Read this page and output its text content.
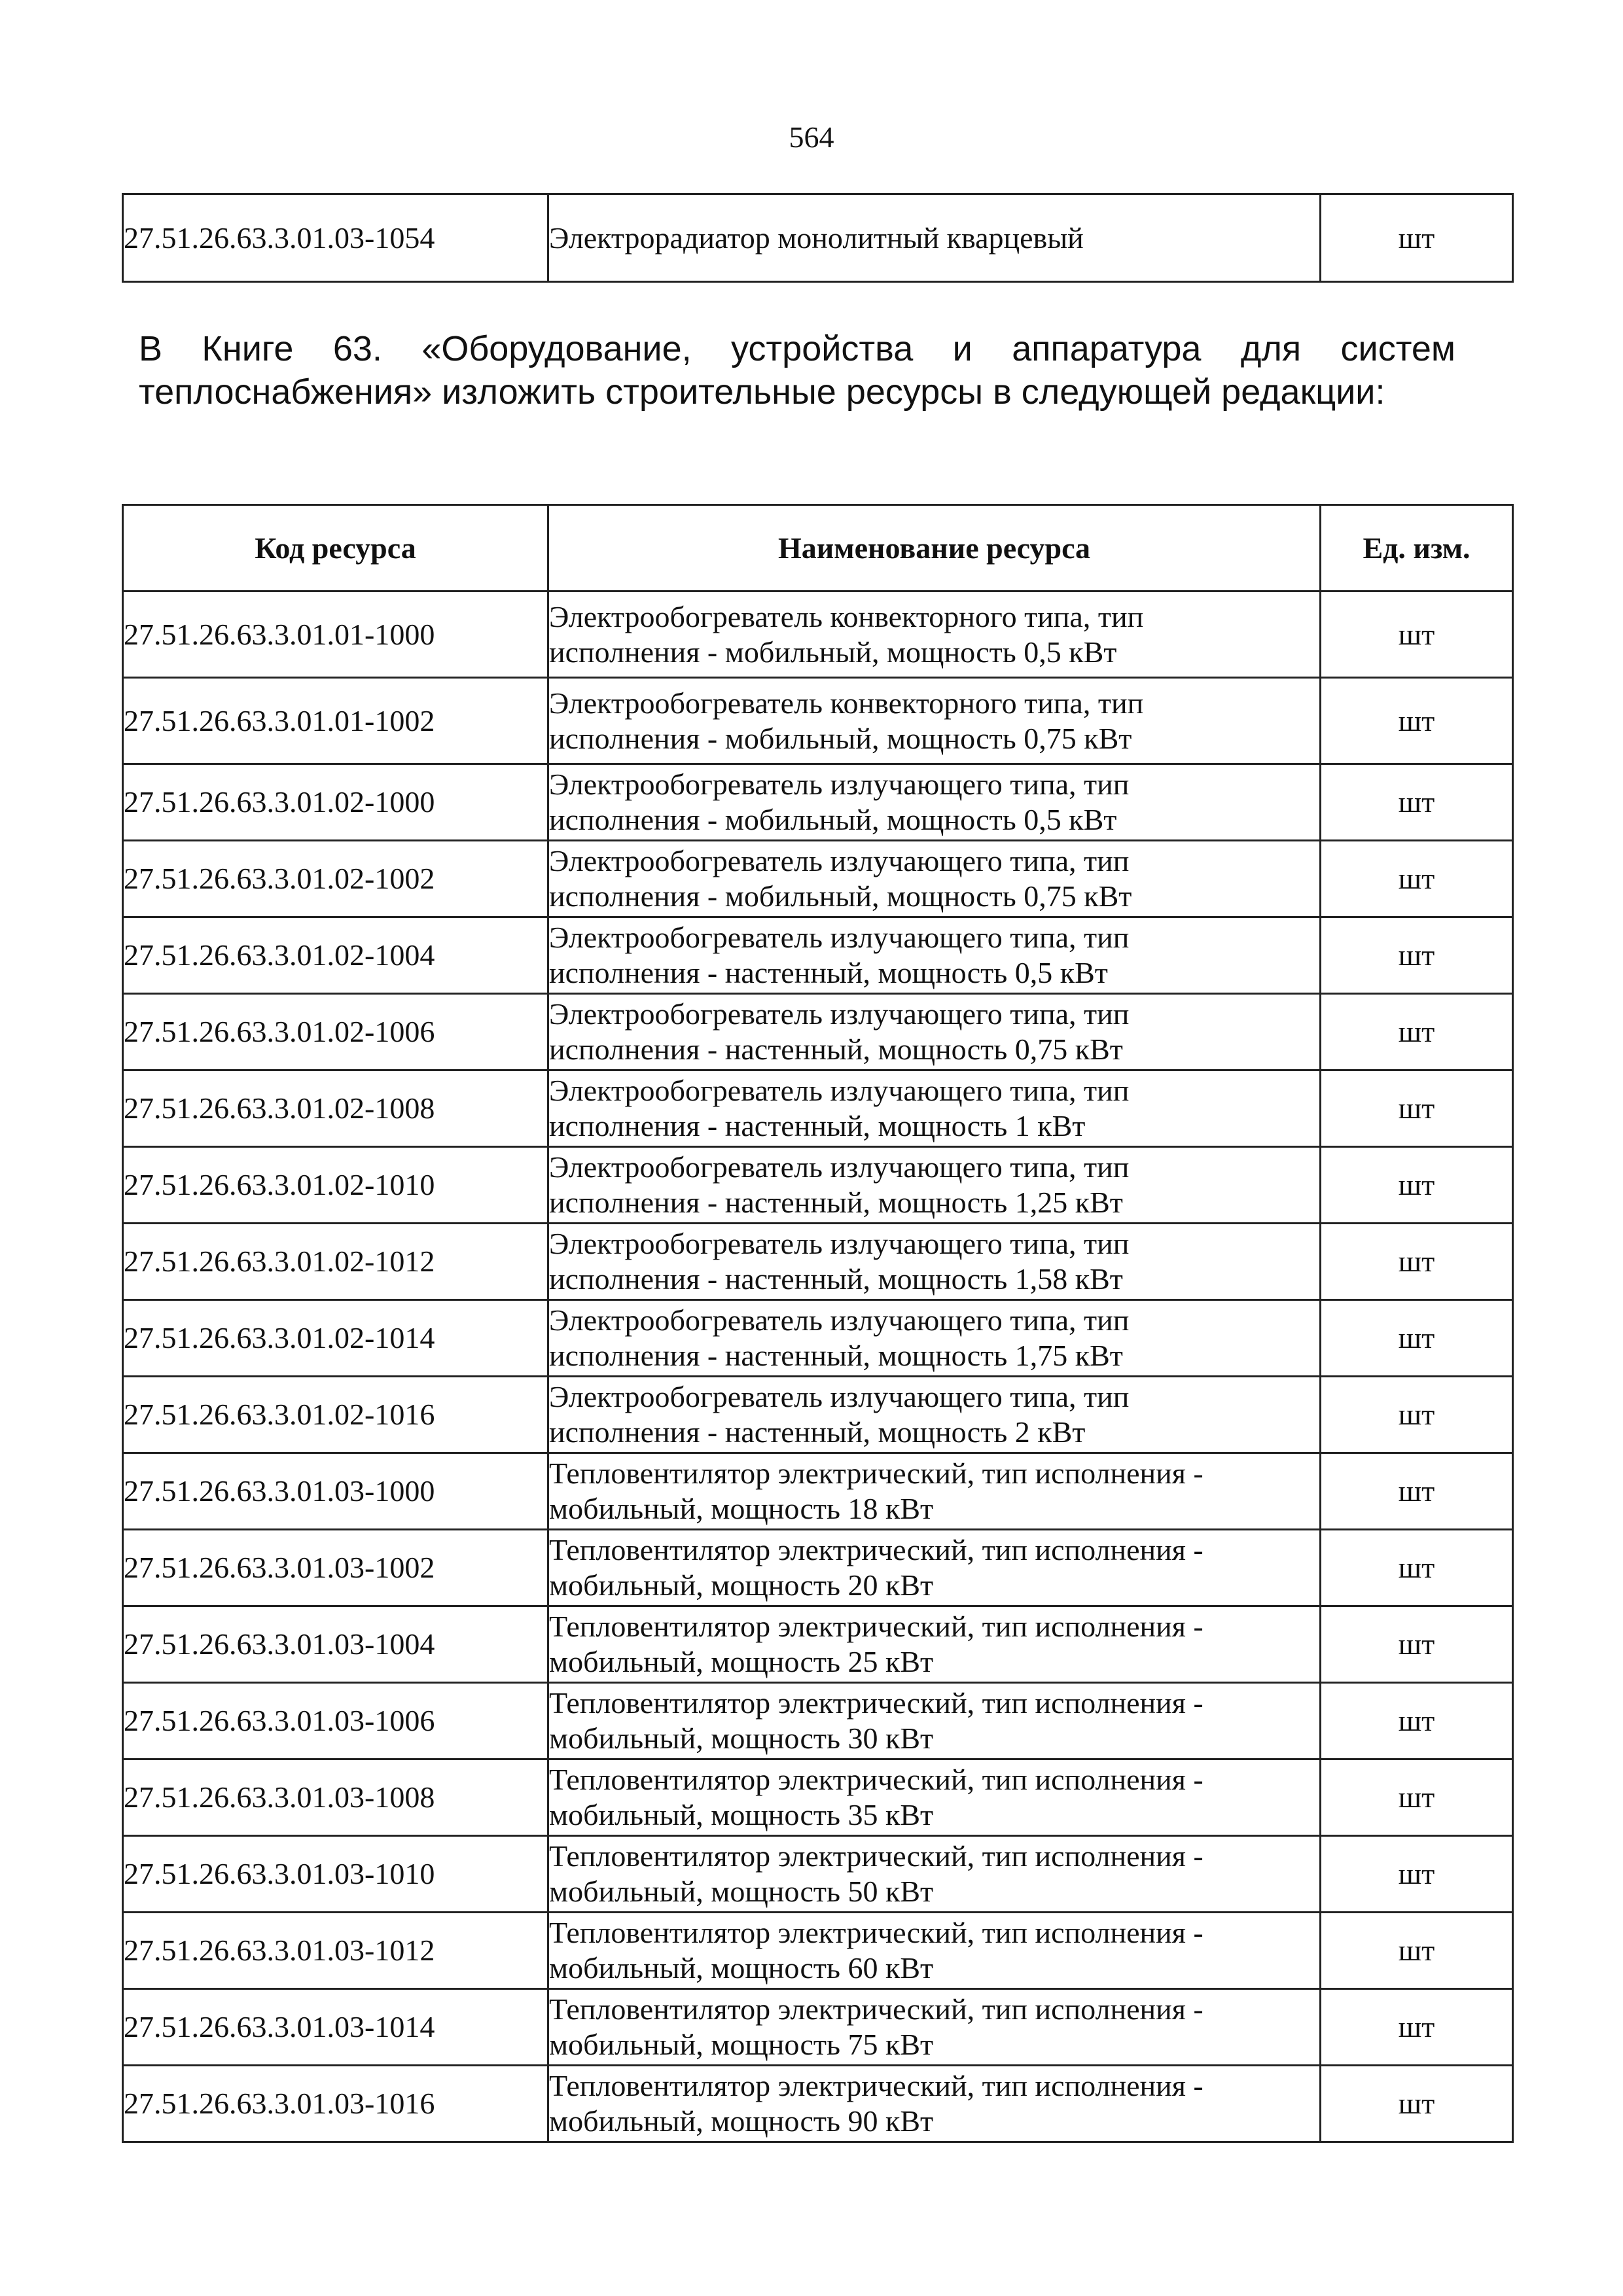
564
27.51.26.63.3.01.03-1054	Электрорадиатор монолитный кварцевый	шт
В Книге 63. «Оборудование, устройства и аппаратура для систем
теплоснабжения» изложить строительные ресурсы в следующей редакции:
Код ресурса	Наименование ресурса	Ед. изм.
27.51.26.63.3.01.01-1000	Электрообогреватель конвекторного типа, тип
исполнения - мобильный, мощность 0,5 кВт	шт
27.51.26.63.3.01.01-1002	Электрообогреватель конвекторного типа, тип
исполнения - мобильный, мощность 0,75 кВт	шт
27.51.26.63.3.01.02-1000	Электрообогреватель излучающего типа, тип
исполнения - мобильный, мощность 0,5 кВт	шт
27.51.26.63.3.01.02-1002	Электрообогреватель излучающего типа, тип
исполнения - мобильный, мощность 0,75 кВт	шт
27.51.26.63.3.01.02-1004	Электрообогреватель излучающего типа, тип
исполнения - настенный, мощность 0,5 кВт	шт
27.51.26.63.3.01.02-1006	Электрообогреватель излучающего типа, тип
исполнения - настенный, мощность 0,75 кВт	шт
27.51.26.63.3.01.02-1008	Электрообогреватель излучающего типа, тип
исполнения - настенный, мощность 1 кВт	шт
27.51.26.63.3.01.02-1010	Электрообогреватель излучающего типа, тип
исполнения - настенный, мощность 1,25 кВт	шт
27.51.26.63.3.01.02-1012	Электрообогреватель излучающего типа, тип
исполнения - настенный, мощность 1,58 кВт	шт
27.51.26.63.3.01.02-1014	Электрообогреватель излучающего типа, тип
исполнения - настенный, мощность 1,75 кВт	шт
27.51.26.63.3.01.02-1016	Электрообогреватель излучающего типа, тип
исполнения - настенный, мощность 2 кВт	шт
27.51.26.63.3.01.03-1000	Тепловентилятор электрический, тип исполнения -
мобильный, мощность 18 кВт	шт
27.51.26.63.3.01.03-1002	Тепловентилятор электрический, тип исполнения -
мобильный, мощность 20 кВт	шт
27.51.26.63.3.01.03-1004	Тепловентилятор электрический, тип исполнения -
мобильный, мощность 25 кВт	шт
27.51.26.63.3.01.03-1006	Тепловентилятор электрический, тип исполнения -
мобильный, мощность 30 кВт	шт
27.51.26.63.3.01.03-1008	Тепловентилятор электрический, тип исполнения -
мобильный, мощность 35 кВт	шт
27.51.26.63.3.01.03-1010	Тепловентилятор электрический, тип исполнения -
мобильный, мощность 50 кВт	шт
27.51.26.63.3.01.03-1012	Тепловентилятор электрический, тип исполнения -
мобильный, мощность 60 кВт	шт
27.51.26.63.3.01.03-1014	Тепловентилятор электрический, тип исполнения -
мобильный, мощность 75 кВт	шт
27.51.26.63.3.01.03-1016	Тепловентилятор электрический, тип исполнения -
мобильный, мощность 90 кВт	шт
